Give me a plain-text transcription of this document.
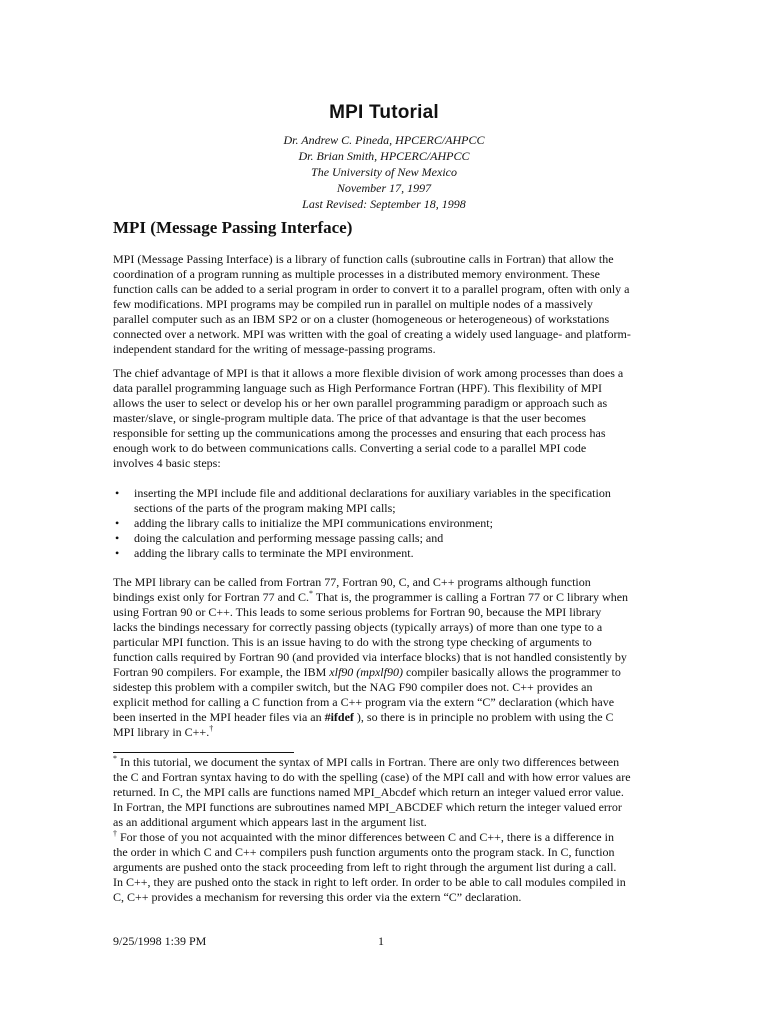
MPI Tutorial
Dr. Andrew C. Pineda, HPCERC/AHPCC
Dr. Brian Smith, HPCERC/AHPCC
The University of New Mexico
November 17, 1997
Last Revised: September 18, 1998
MPI (Message Passing Interface)
MPI (Message Passing Interface) is a library of function calls (subroutine calls in Fortran) that allow the
coordination of a program running as multiple processes in a distributed memory environment. These
function calls can be added to a serial program in order to convert it to a parallel program, often with only a
few modifications. MPI programs may be compiled run in parallel on multiple nodes of a massively
parallel computer such as an IBM SP2 or on a cluster (homogeneous or heterogeneous) of workstations
connected over a network. MPI was written with the goal of creating a widely used language- and platform-
independent standard for the writing of message-passing programs.
The chief advantage of MPI is that it allows a more flexible division of work among processes than does a
data parallel programming language such as High Performance Fortran (HPF). This flexibility of MPI
allows the user to select or develop his or her own parallel programming paradigm or approach such as
master/slave, or single-program multiple data. The price of that advantage is that the user becomes
responsible for setting up the communications among the processes and ensuring that each process has
enough work to do between communications calls. Converting a serial code to a parallel MPI code
involves 4 basic steps:
• inserting the MPI include file and additional declarations for auxiliary variables in the specification
sections of the parts of the program making MPI calls;
• adding the library calls to initialize the MPI communications environment;
• doing the calculation and performing message passing calls; and
• adding the library calls to terminate the MPI environment.
The MPI library can be called from Fortran 77, Fortran 90, C, and C++ programs although function
bindings exist only for Fortran 77 and C.* That is, the programmer is calling a Fortran 77 or C library when
using Fortran 90 or C++. This leads to some serious problems for Fortran 90, because the MPI library
lacks the bindings necessary for correctly passing objects (typically arrays) of more than one type to a
particular MPI function. This is an issue having to do with the strong type checking of arguments to
function calls required by Fortran 90 (and provided via interface blocks) that is not handled consistently by
Fortran 90 compilers. For example, the IBM xlf90 (mpxlf90) compiler basically allows the programmer to
sidestep this problem with a compiler switch, but the NAG F90 compiler does not. C++ provides an
explicit method for calling a C function from a C++ program via the extern “C” declaration (which have
been inserted in the MPI header files via an #ifdef ), so there is in principle no problem with using the C
MPI library in C++.†
* In this tutorial, we document the syntax of MPI calls in Fortran. There are only two differences between
the C and Fortran syntax having to do with the spelling (case) of the MPI call and with how error values are
returned. In C, the MPI calls are functions named MPI_Abcdef which return an integer valued error value.
In Fortran, the MPI functions are subroutines named MPI_ABCDEF which return the integer valued error
as an additional argument which appears last in the argument list.
† For those of you not acquainted with the minor differences between C and C++, there is a difference in
the order in which C and C++ compilers push function arguments onto the program stack. In C, function
arguments are pushed onto the stack proceeding from left to right through the argument list during a call.
In C++, they are pushed onto the stack in right to left order. In order to be able to call modules compiled in
C, C++ provides a mechanism for reversing this order via the extern “C” declaration.
9/25/1998 1:39 PM	1
